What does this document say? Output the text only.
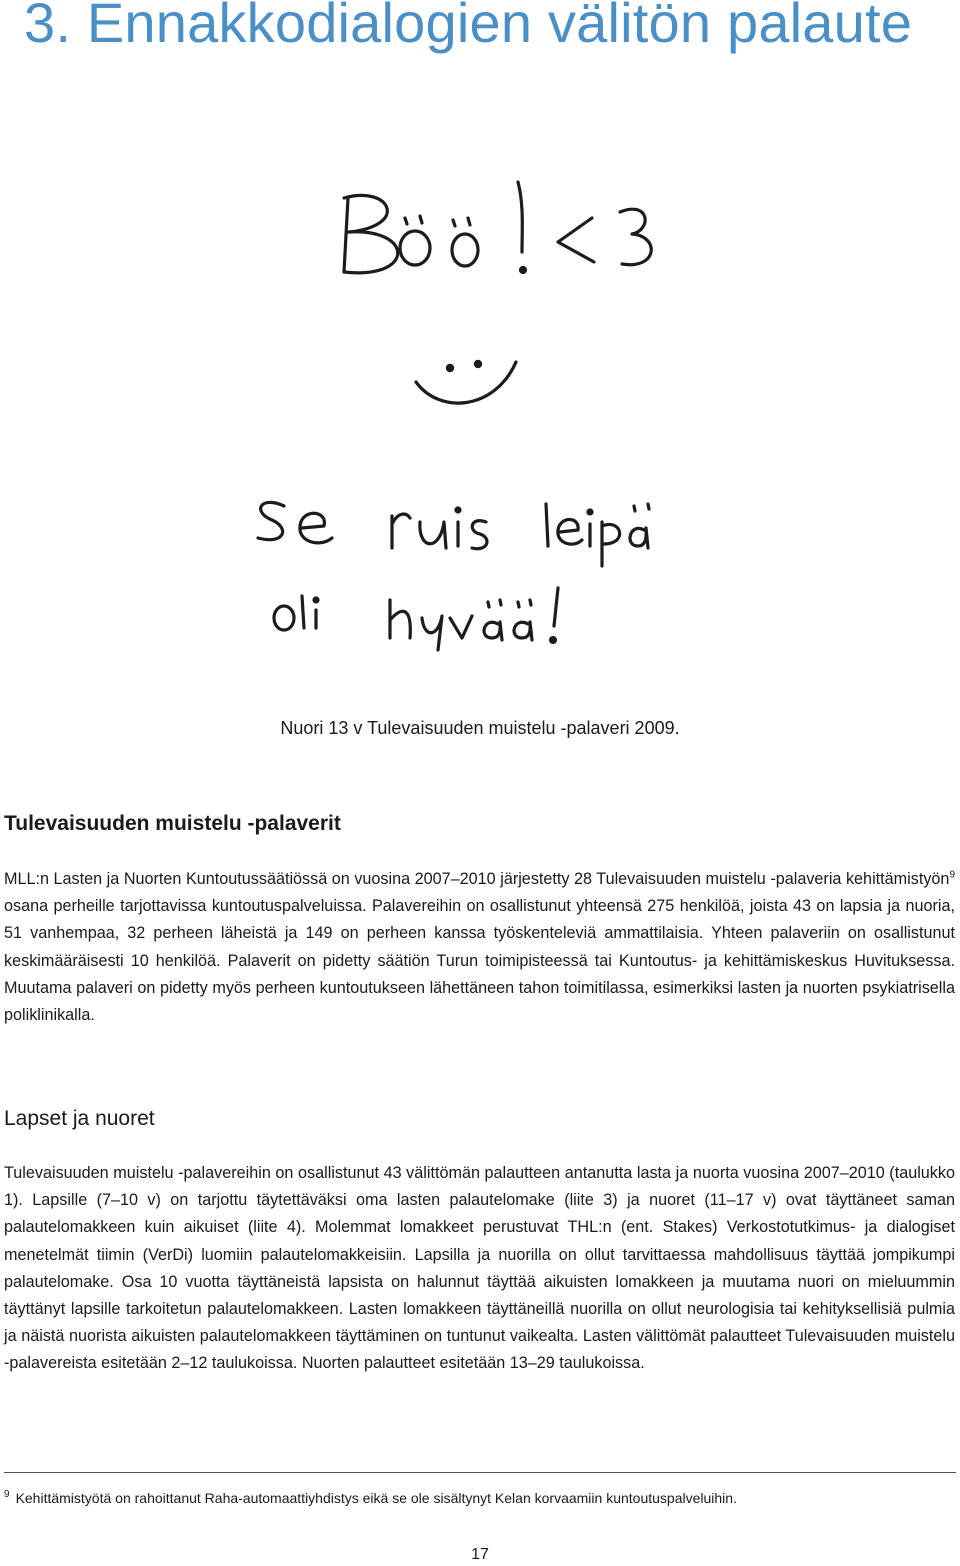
3. Ennakkodialogien välitön palaute
Nuori 13 v Tulevaisuuden muistelu -palaveri 2009.
Tulevaisuuden muistelu -palaverit

MLL:n Lasten ja Nuorten Kuntoutussäätiössä on vuosina 2007–2010 järjestetty 28 Tulevaisuuden muistelu -palaveria kehittämistyön$^9$ osana perheille tarjottavissa kuntoutuspalveluissa. Palavereihin on osallistunut yhteensä 275 henkilöä, joista 43 on lapsia ja nuoria, 51 vanhempaa, 32 perheen läheistä ja 149 on perheen kanssa työskenteleviä ammattilaisia. Yhteen palaveriin on osallistunut keskimääräisesti 10 henkilöä. Palaverit on pidetty säätiön Turun toimipisteessä tai Kuntoutus- ja kehittämiskeskus Huvituksessa. Muutama palaveri on pidetty myös perheen kuntoutukseen lähettäneen tahon toimitilassa, esimerkiksi lasten ja nuorten psykiatrisella poliklinikalla.

Lapset ja nuoret

Tulevaisuuden muistelu -palavereihin on osallistunut 43 välittömän palautteen antanutta lasta ja nuorta vuosina 2007–2010 (taulukko 1). Lapsille (7–10 v) on tarjottu täytettäväksi oma lasten palautelomake (liite 3) ja nuoret (11–17 v) ovat täyttäneet saman palautelomakkeen kuin aikuiset (liite 4). Molemmat lomakkeet perustuvat THL:n (ent. Stakes) Verkostotutkimus- ja dialogiset menetelmät tiimin (VerDi) luomiin palautelomakkeisiin. Lapsilla ja nuorilla on ollut tarvittaessa mahdollisuus täyttää jompikumpi palautelomake. Osa 10 vuotta täyttäneistä lapsista on halunnut täyttää aikuisten lomakkeen ja muutama nuori on mieluummin täyttänyt lapsille tarkoitetun palautelomakkeen. Lasten lomakkeen täyttäneillä nuorilla on ollut neurologisia tai kehityksellisiä pulmia ja näistä nuorista aikuisten palautelomakkeen täyttäminen on tuntunut vaikealta. Lasten välittömät palautteet Tulevaisuuden muistelu -palavereista esitetään 2–12 taulukoissa. Nuorten palautteet esitetään 13–29 taulukoissa.

$^9$ Kehittämistyötä on rahoittanut Raha-automaattiyhdistys eikä se ole sisältynyt Kelan korvaamiin kuntoutuspalveluihin.
17
